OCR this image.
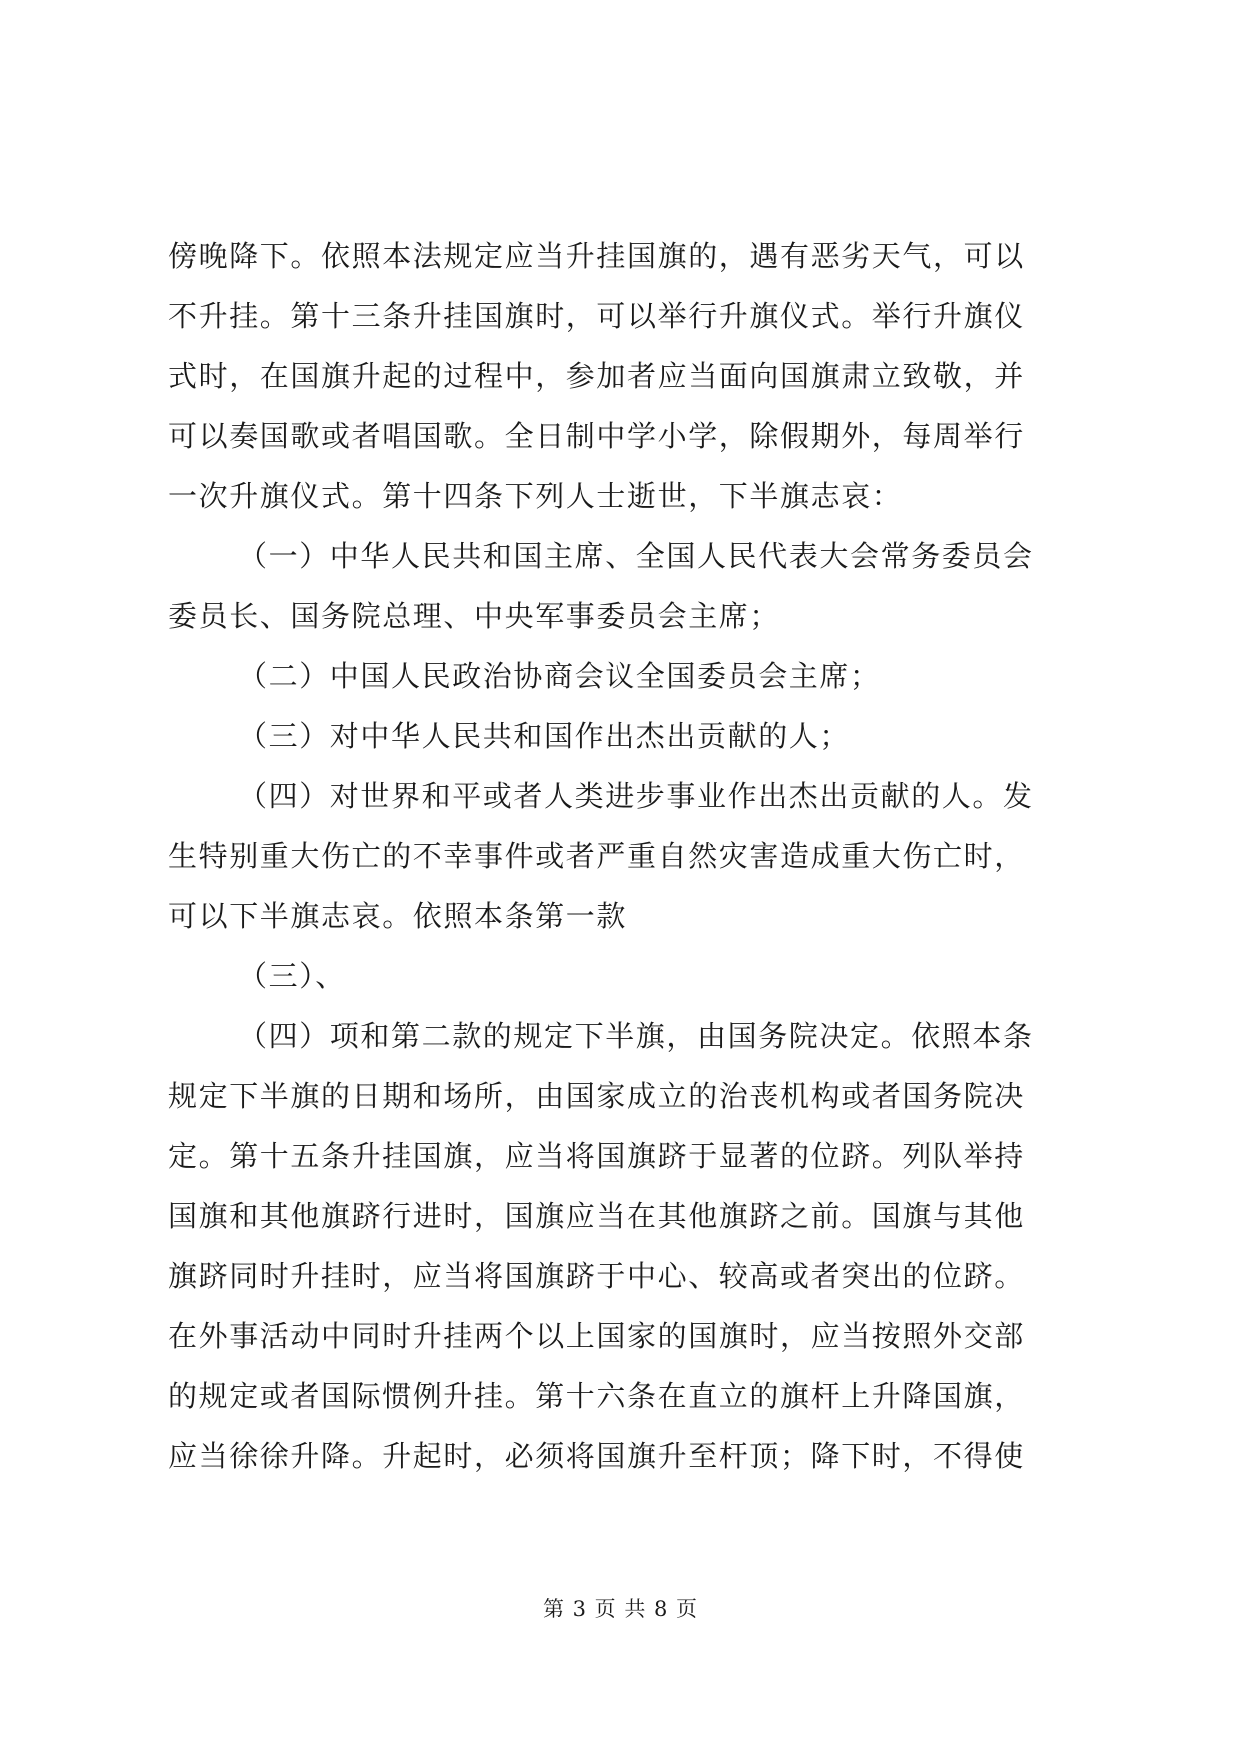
傍晚降下。依照本法规定应当升挂国旗的，遇有恶劣天气，可以
不升挂。第十三条升挂国旗时，可以举行升旗仪式。举行升旗仪
式时，在国旗升起的过程中，参加者应当面向国旗肃立致敬，并
可以奏国歌或者唱国歌。全日制中学小学，除假期外，每周举行
一次升旗仪式。第十四条下列人士逝世，下半旗志哀：
（一）中华人民共和国主席、全国人民代表大会常务委员会
委员长、国务院总理、中央军事委员会主席；
（二）中国人民政治协商会议全国委员会主席；
（三）对中华人民共和国作出杰出贡献的人；
（四）对世界和平或者人类进步事业作出杰出贡献的人。发
生特别重大伤亡的不幸事件或者严重自然灾害造成重大伤亡时，
可以下半旗志哀。依照本条第一款
（三）、
（四）项和第二款的规定下半旗，由国务院决定。依照本条
规定下半旗的日期和场所，由国家成立的治丧机构或者国务院决
定。第十五条升挂国旗，应当将国旗跻于显著的位跻。列队举持
国旗和其他旗跻行进时，国旗应当在其他旗跻之前。国旗与其他
旗跻同时升挂时，应当将国旗跻于中心、较高或者突出的位跻。
在外事活动中同时升挂两个以上国家的国旗时，应当按照外交部
的规定或者国际惯例升挂。第十六条在直立的旗杆上升降国旗，
应当徐徐升降。升起时，必须将国旗升至杆顶；降下时，不得使
第 3 页 共 8 页
